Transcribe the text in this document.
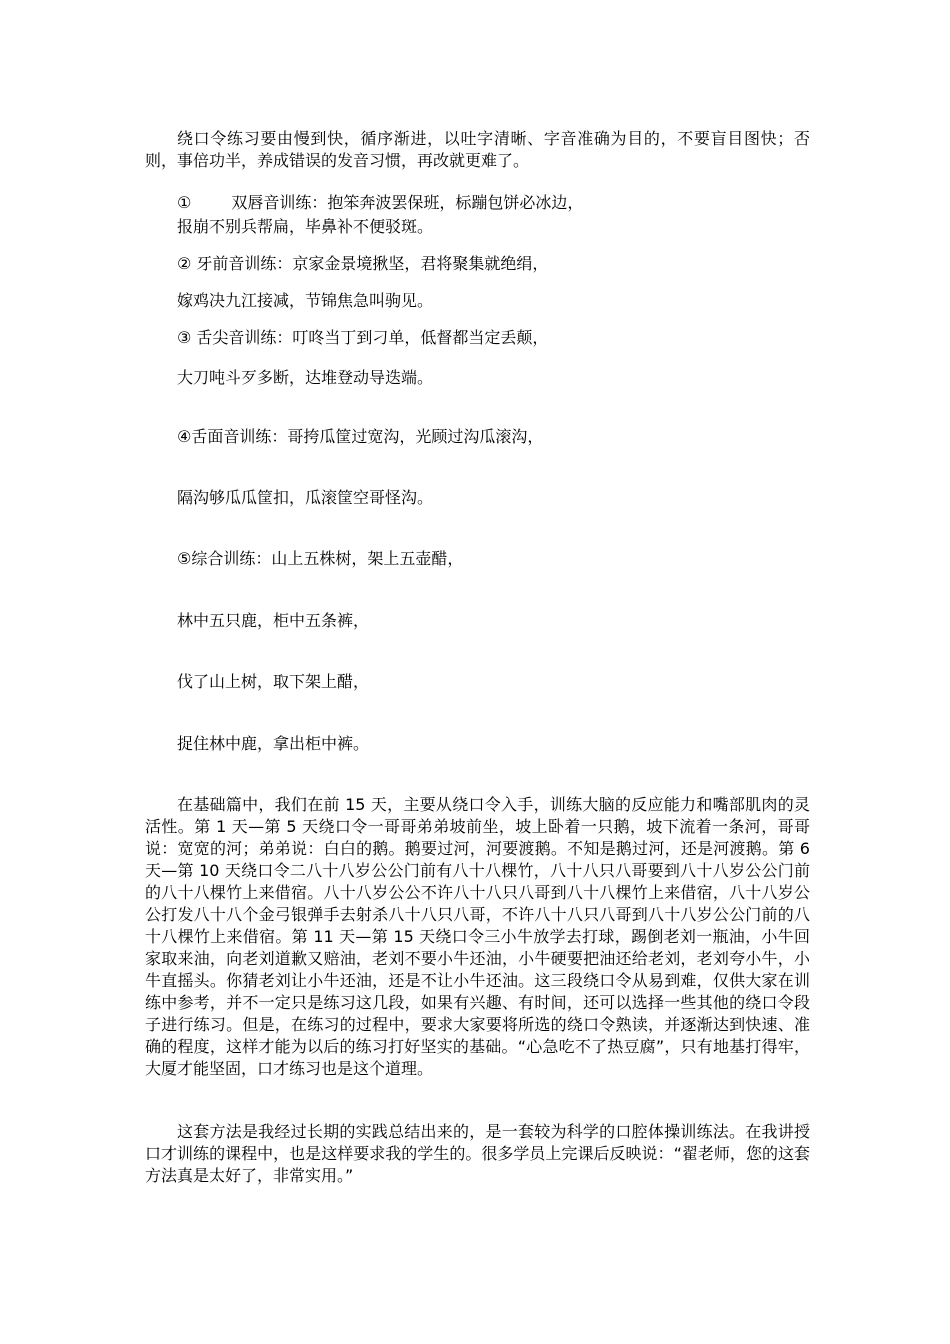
绕口令练习要由慢到快，循序渐进，以吐字清晰、字音准确为目的，不要盲目图快；否则，事倍功半，养成错误的发音习惯，再改就更难了。

①	双唇音训练：抱笨奔波罢保班，标蹦包饼必冰边，

报崩不别兵帮扁，毕鼻补不便驳斑。

② 牙前音训练：京家金景境揪坚，君将聚集就绝绢，

嫁鸡决九江接减，节锦焦急叫驹见。

③ 舌尖音训练：叮咚当丁到刁单，低督都当定丢颠，

大刀吨斗歹多断，达堆登动导迭端。

④舌面音训练：哥挎瓜筐过宽沟，光顾过沟瓜滚沟，

隔沟够瓜瓜筐扣，瓜滚筐空哥怪沟。

⑤综合训练：山上五株树，架上五壶醋，

林中五只鹿，柜中五条裤，

伐了山上树，取下架上醋，

捉住林中鹿，拿出柜中裤。

在基础篇中，我们在前 15 天，主要从绕口令入手，训练大脑的反应能力和嘴部肌肉的灵活性。第 1 天—第 5 天绕口令一哥哥弟弟坡前坐，坡上卧着一只鹅，坡下流着一条河，哥哥说：宽宽的河；弟弟说：白白的鹅。鹅要过河，河要渡鹅。不知是鹅过河，还是河渡鹅。第 6 天—第 10 天绕口令二八十八岁公公门前有八十八棵竹，八十八只八哥要到八十八岁公公门前的八十八棵竹上来借宿。八十八岁公公不许八十八只八哥到八十八棵竹上来借宿，八十八岁公公打发八十八个金弓银弹手去射杀八十八只八哥，不许八十八只八哥到八十八岁公公门前的八十八棵竹上来借宿。第 11 天—第 15 天绕口令三小牛放学去打球，踢倒老刘一瓶油，小牛回家取来油，向老刘道歉又赔油，老刘不要小牛还油，小牛硬要把油还给老刘，老刘夸小牛，小牛直摇头。你猜老刘让小牛还油，还是不让小牛还油。这三段绕口令从易到难，仅供大家在训练中参考，并不一定只是练习这几段，如果有兴趣、有时间，还可以选择一些其他的绕口令段子进行练习。但是，在练习的过程中，要求大家要将所选的绕口令熟读，并逐渐达到快速、准确的程度，这样才能为以后的练习打好坚实的基础。“心急吃不了热豆腐”，只有地基打得牢，大厦才能坚固，口才练习也是这个道理。

这套方法是我经过长期的实践总结出来的，是一套较为科学的口腔体操训练法。在我讲授口才训练的课程中，也是这样要求我的学生的。很多学员上完课后反映说：“翟老师，您的这套方法真是太好了，非常实用。”
